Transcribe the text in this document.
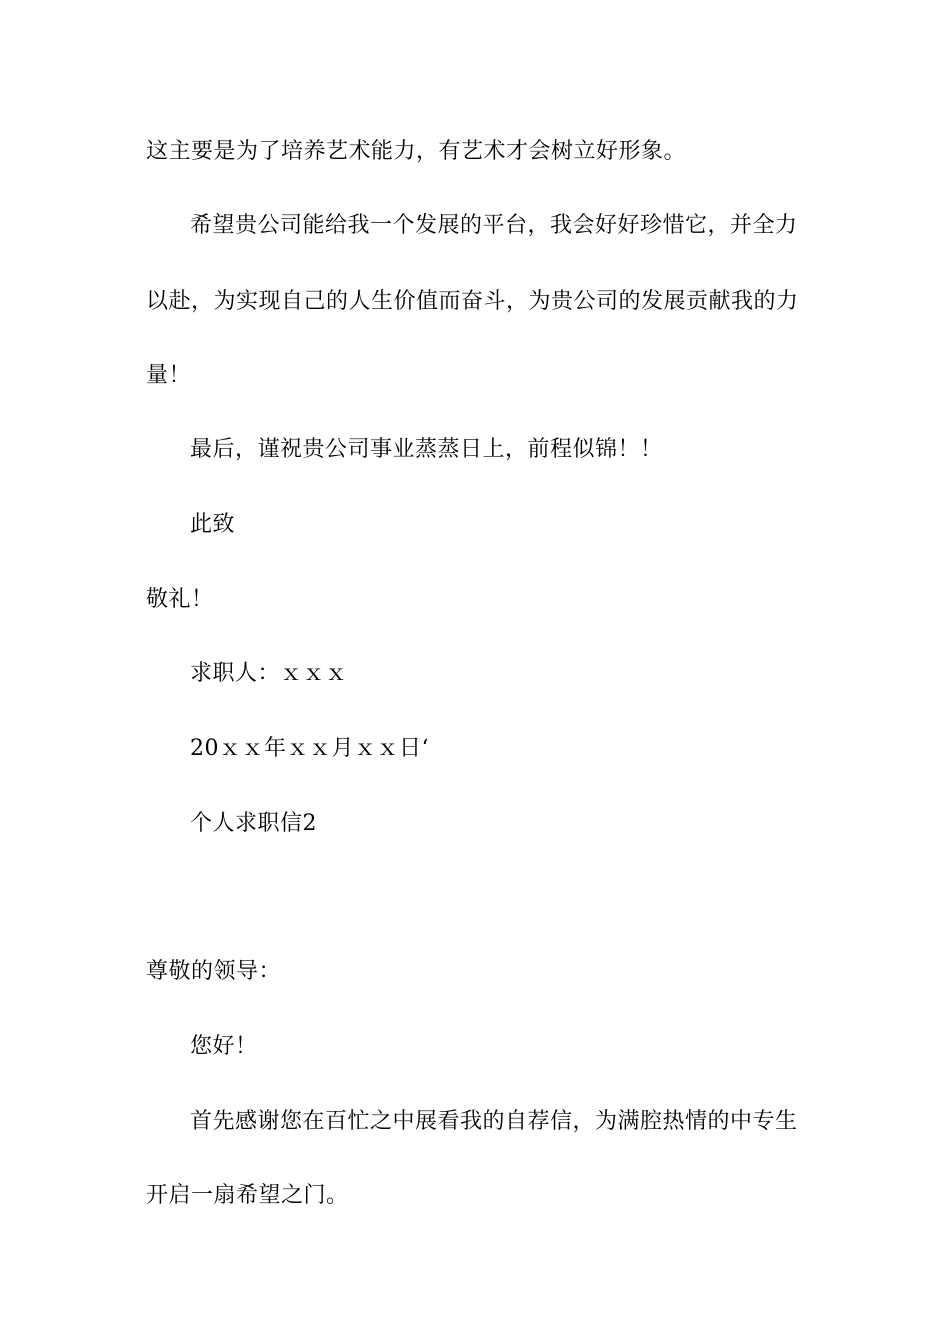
这主要是为了培养艺术能力，有艺术才会树立好形象。
希望贵公司能给我一个发展的平台，我会好好珍惜它，并全力
以赴，为实现自己的人生价值而奋斗，为贵公司的发展贡献我的力
量！
最后，谨祝贵公司事业蒸蒸日上，前程似锦！！
此致
敬礼！
求职人：ｘｘｘ
20ｘｘ年ｘｘ月ｘｘ日‘
个人求职信2
尊敬的领导：
您好！
首先感谢您在百忙之中展看我的自荐信，为满腔热情的中专生
开启一扇希望之门。
